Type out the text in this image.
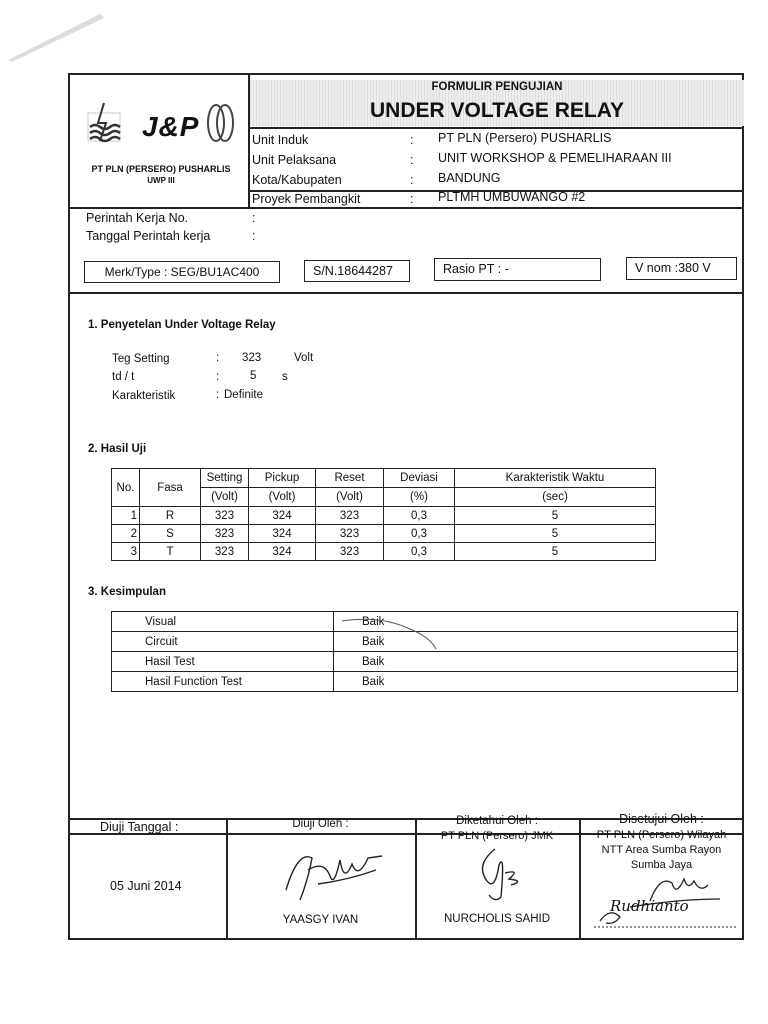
J&P
PT PLN (PERSERO) PUSHARLIS
UWP III
FORMULIR PENGUJIAN
UNDER VOLTAGE RELAY
Unit Induk	: PT PLN (Persero) PUSHARLIS
Unit Pelaksana	: UNIT WORKSHOP & PEMELIHARAAN III
Kota/Kabupaten	: BANDUNG
Proyek Pembangkit	: PLTMH UMBUWANGO #2
Perintah Kerja No.	:
Tanggal Perintah kerja	:
Merk/Type : SEG/BU1AC400	S/N.18644287	Rasio PT : -	V nom :380 V
1. Penyetelan Under Voltage Relay
Teg Setting	: 323	Volt
td / t	:	5 s
Karakteristik	: Definite
2. Hasil Uji
No.	Fasa	Setting	Pickup	Reset	Deviasi	Karakteristik Waktu
		(Volt)	(Volt)	(Volt)	(%)	(sec)
1	R	323	324	323	0,3	5
2	S	323	324	323	0,3	5
3	T	323	324	323	0,3	5
3. Kesimpulan
Visual	Baik
Circuit	Baik
Hasil Test	Baik
Hasil Function Test	Baik
Diuji Tanggal :
05 Juni 2014
Diuji Oleh :
YAASGY IVAN
Diketahui Oleh :
PT PLN (Persero) JMK
NURCHOLIS SAHID
Disetujui Oleh :
PT PLN (Persero) Wilayah
NTT Area Sumba Rayon
Sumba Jaya
Rudhianto
